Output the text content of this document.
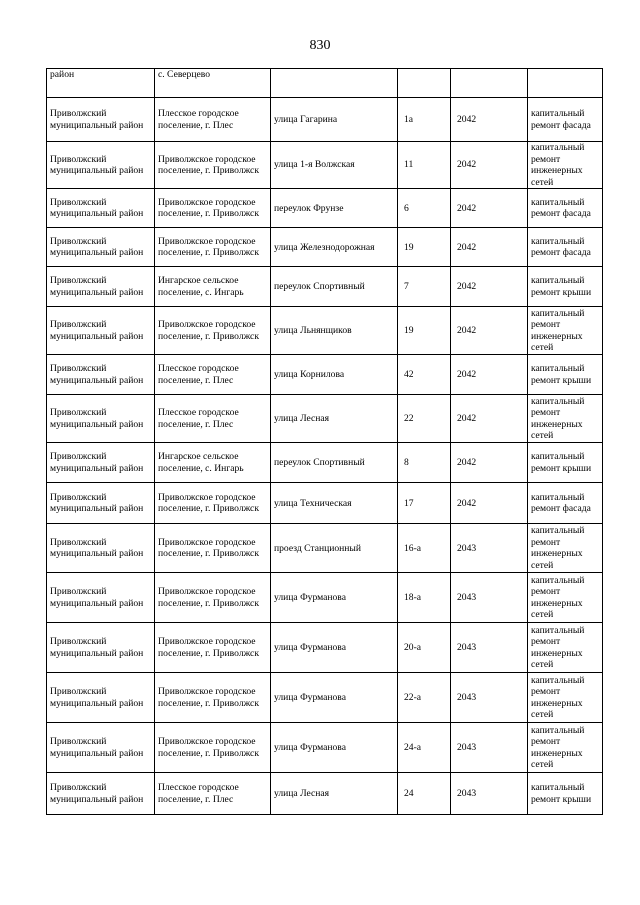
830
район	с. Северцево				
Приволжский муниципальный район	Плесское городское поселение, г. Плес	улица Гагарина	1а	2042	капитальный ремонт фасада
Приволжский муниципальный район	Приволжское городское поселение, г. Приволжск	улица 1-я Волжская	11	2042	капитальный ремонт инженерных сетей
Приволжский муниципальный район	Приволжское городское поселение, г. Приволжск	переулок Фрунзе	6	2042	капитальный ремонт фасада
Приволжский муниципальный район	Приволжское городское поселение, г. Приволжск	улица Железнодорожная	19	2042	капитальный ремонт фасада
Приволжский муниципальный район	Ингарское сельское поселение, с. Ингарь	переулок Спортивный	7	2042	капитальный ремонт крыши
Приволжский муниципальный район	Приволжское городское поселение, г. Приволжск	улица Льнянщиков	19	2042	капитальный ремонт инженерных сетей
Приволжский муниципальный район	Плесское городское поселение, г. Плес	улица Корнилова	42	2042	капитальный ремонт крыши
Приволжский муниципальный район	Плесское городское поселение, г. Плес	улица Лесная	22	2042	капитальный ремонт инженерных сетей
Приволжский муниципальный район	Ингарское сельское поселение, с. Ингарь	переулок Спортивный	8	2042	капитальный ремонт крыши
Приволжский муниципальный район	Приволжское городское поселение, г. Приволжск	улица Техническая	17	2042	капитальный ремонт фасада
Приволжский муниципальный район	Приволжское городское поселение, г. Приволжск	проезд Станционный	16-а	2043	капитальный ремонт инженерных сетей
Приволжский муниципальный район	Приволжское городское поселение, г. Приволжск	улица Фурманова	18-а	2043	капитальный ремонт инженерных сетей
Приволжский муниципальный район	Приволжское городское поселение, г. Приволжск	улица Фурманова	20-а	2043	капитальный ремонт инженерных сетей
Приволжский муниципальный район	Приволжское городское поселение, г. Приволжск	улица Фурманова	22-а	2043	капитальный ремонт инженерных сетей
Приволжский муниципальный район	Приволжское городское поселение, г. Приволжск	улица Фурманова	24-а	2043	капитальный ремонт инженерных сетей
Приволжский муниципальный район	Плесское городское поселение, г. Плес	улица Лесная	24	2043	капитальный ремонт крыши
